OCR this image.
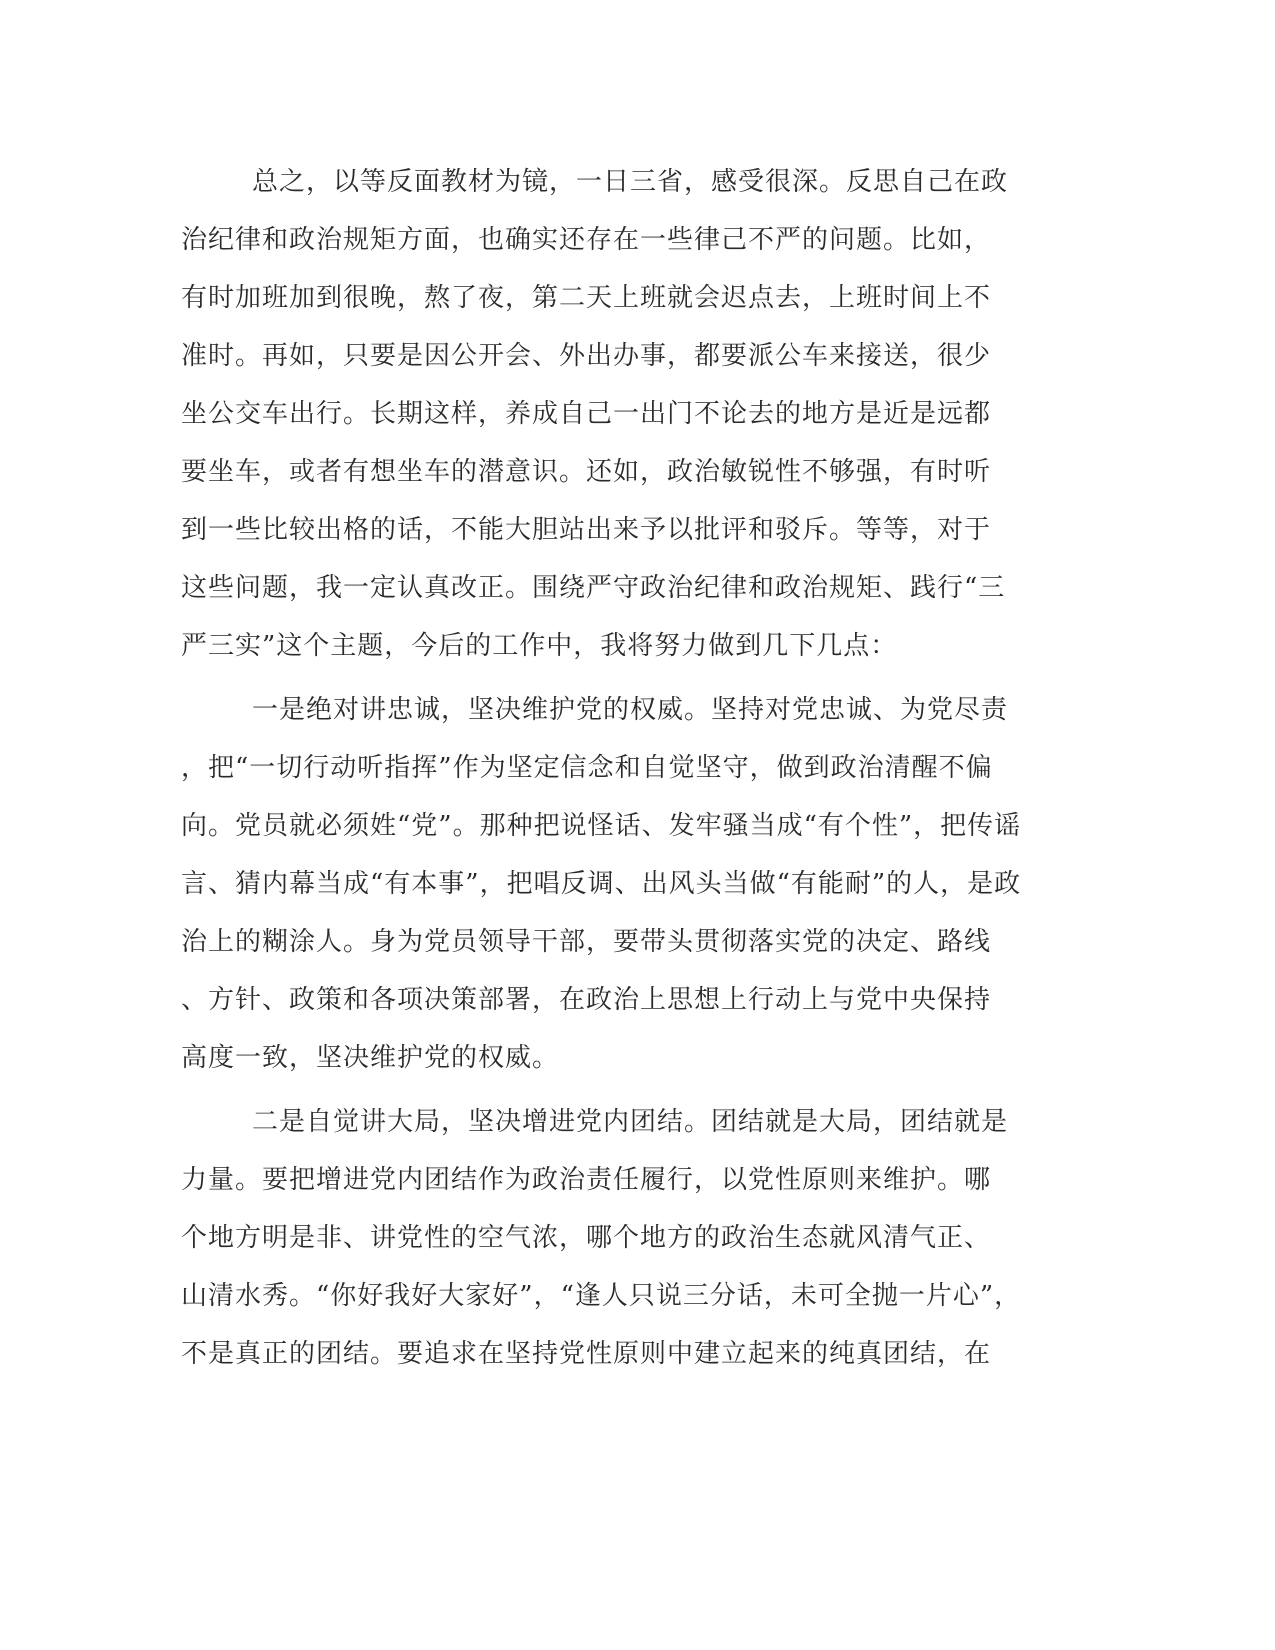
总之，以等反面教材为镜，一日三省，感受很深。反思自己在政
治纪律和政治规矩方面，也确实还存在一些律己不严的问题。比如，
有时加班加到很晚，熬了夜，第二天上班就会迟点去，上班时间上不
准时。再如，只要是因公开会、外出办事，都要派公车来接送，很少
坐公交车出行。长期这样，养成自己一出门不论去的地方是近是远都
要坐车，或者有想坐车的潜意识。还如，政治敏锐性不够强，有时听
到一些比较出格的话，不能大胆站出来予以批评和驳斥。等等，对于
这些问题，我一定认真改正。围绕严守政治纪律和政治规矩、践行“三
严三实”这个主题，今后的工作中，我将努力做到几下几点：
一是绝对讲忠诚，坚决维护党的权威。坚持对党忠诚、为党尽责
，把“一切行动听指挥”作为坚定信念和自觉坚守，做到政治清醒不偏
向。党员就必须姓“党”。那种把说怪话、发牢骚当成“有个性”，把传谣
言、猜内幕当成“有本事”，把唱反调、出风头当做“有能耐”的人，是政
治上的糊涂人。身为党员领导干部，要带头贯彻落实党的决定、路线
、方针、政策和各项决策部署，在政治上思想上行动上与党中央保持
高度一致，坚决维护党的权威。
二是自觉讲大局，坚决增进党内团结。团结就是大局，团结就是
力量。要把增进党内团结作为政治责任履行，以党性原则来维护。哪
个地方明是非、讲党性的空气浓，哪个地方的政治生态就风清气正、
山清水秀。“你好我好大家好”，“逢人只说三分话，未可全抛一片心”，
不是真正的团结。要追求在坚持党性原则中建立起来的纯真团结，在
